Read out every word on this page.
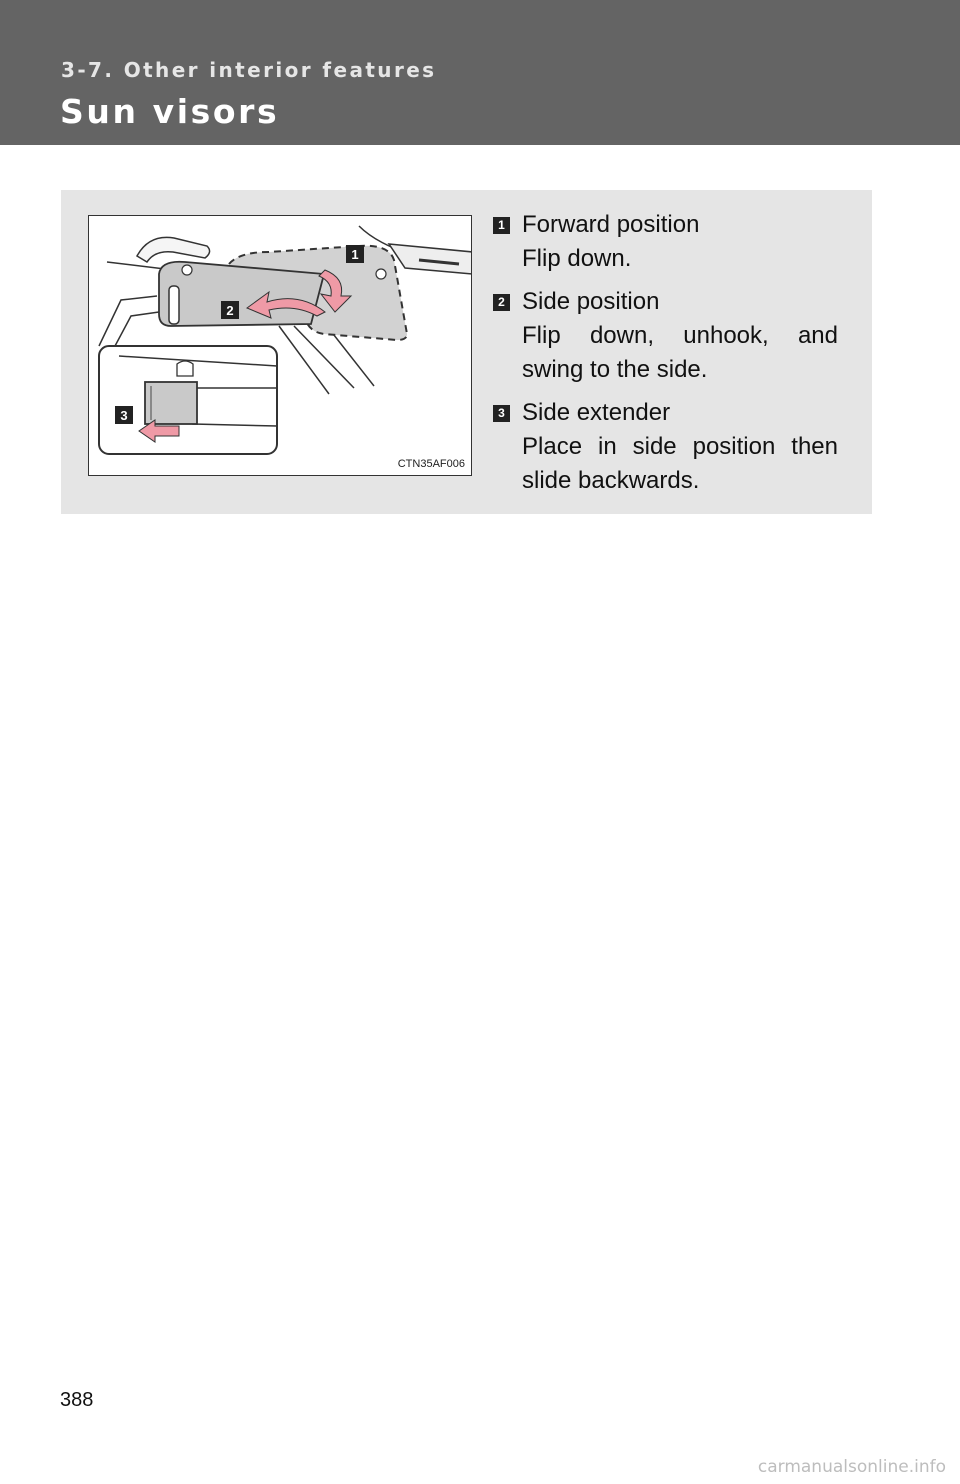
3-7. Other interior features
Sun visors
1
2
3
CTN35AF006
1 Forward position
Flip down.
2 Side position
Flip down, unhook, and swing to the side.
3 Side extender
Place in side position then slide backwards.
388
carmanualsonline.info
